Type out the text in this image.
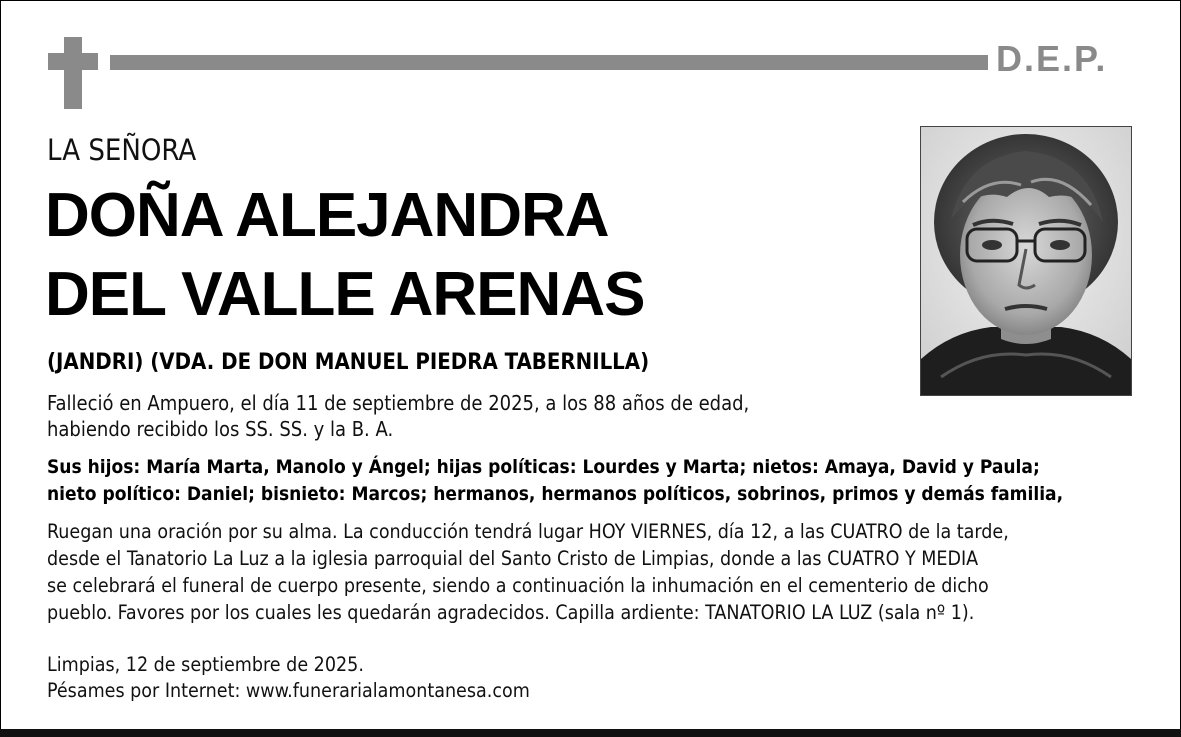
D.E.P.
LA SEÑORA
DOÑA ALEJANDRA
DEL VALLE ARENAS
(JANDRI) (VDA. DE DON MANUEL PIEDRA TABERNILLA)
Falleció en Ampuero, el día 11 de septiembre de 2025, a los 88 años de edad,
habiendo recibido los SS. SS. y la B. A.
Sus hijos: María Marta, Manolo y Ángel; hijas políticas: Lourdes y Marta; nietos: Amaya, David y Paula;
nieto político: Daniel; bisnieto: Marcos; hermanos, hermanos políticos, sobrinos, primos y demás familia,
Ruegan una oración por su alma. La conducción tendrá lugar HOY VIERNES, día 12, a las CUATRO de la tarde,
desde el Tanatorio La Luz a la iglesia parroquial del Santo Cristo de Limpias, donde a las CUATRO Y MEDIA
se celebrará el funeral de cuerpo presente, siendo a continuación la inhumación en el cementerio de dicho
pueblo. Favores por los cuales les quedarán agradecidos. Capilla ardiente: TANATORIO LA LUZ (sala nº 1).
Limpias, 12 de septiembre de 2025.
Pésames por Internet: www.funerarialamontanesa.com
